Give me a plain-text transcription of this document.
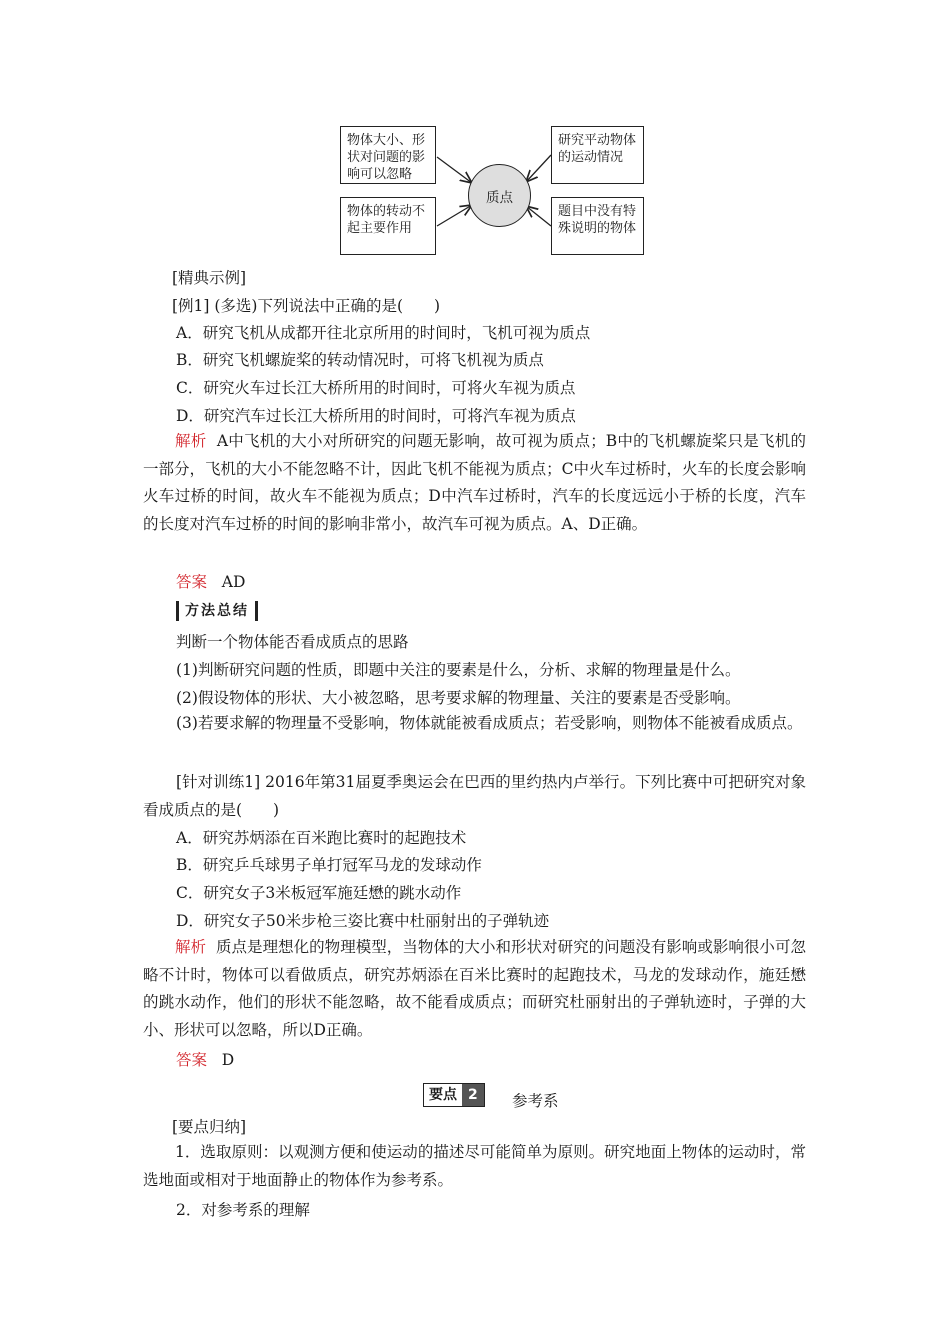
物体大小、形状对问题的影响可以忽略
物体的转动不起主要作用
质点
研究平动物体的运动情况
题目中没有特殊说明的物体
[精典示例]
[例1] (多选)下列说法中正确的是(　　)
A．研究飞机从成都开往北京所用的时间时，飞机可视为质点
B．研究飞机螺旋桨的转动情况时，可将飞机视为质点
C．研究火车过长江大桥所用的时间时，可将火车视为质点
D．研究汽车过长江大桥所用的时间时，可将汽车视为质点
解析 A中飞机的大小对所研究的问题无影响，故可视为质点；B中的飞机螺旋桨只是飞机的一部分，飞机的大小不能忽略不计，因此飞机不能视为质点；C中火车过桥时，火车的长度会影响火车过桥的时间，故火车不能视为质点；D中汽车过桥时，汽车的长度远远小于桥的长度，汽车的长度对汽车过桥的时间的影响非常小，故汽车可视为质点。A、D正确。
答案 AD
方法总结
判断一个物体能否看成质点的思路
(1)判断研究问题的性质，即题中关注的要素是什么，分析、求解的物理量是什么。
(2)假设物体的形状、大小被忽略，思考要求解的物理量、关注的要素是否受影响。
(3)若要求解的物理量不受影响，物体就能被看成质点；若受影响，则物体不能被看成质点。
[针对训练1] 2016年第31届夏季奥运会在巴西的里约热内卢举行。下列比赛中可把研究对象看成质点的是(　　)
A．研究苏炳添在百米跑比赛时的起跑技术
B．研究乒乓球男子单打冠军马龙的发球动作
C．研究女子3米板冠军施廷懋的跳水动作
D．研究女子50米步枪三姿比赛中杜丽射出的子弹轨迹
解析 质点是理想化的物理模型，当物体的大小和形状对研究的问题没有影响或影响很小可忽略不计时，物体可以看做质点，研究苏炳添在百米比赛时的起跑技术，马龙的发球动作，施廷懋的跳水动作，他们的形状不能忽略，故不能看成质点；而研究杜丽射出的子弹轨迹时，子弹的大小、形状可以忽略，所以D正确。
答案 D
要点 2	参考系
[要点归纳]
1．选取原则：以观测方便和使运动的描述尽可能简单为原则。研究地面上物体的运动时，常选地面或相对于地面静止的物体作为参考系。
2．对参考系的理解
